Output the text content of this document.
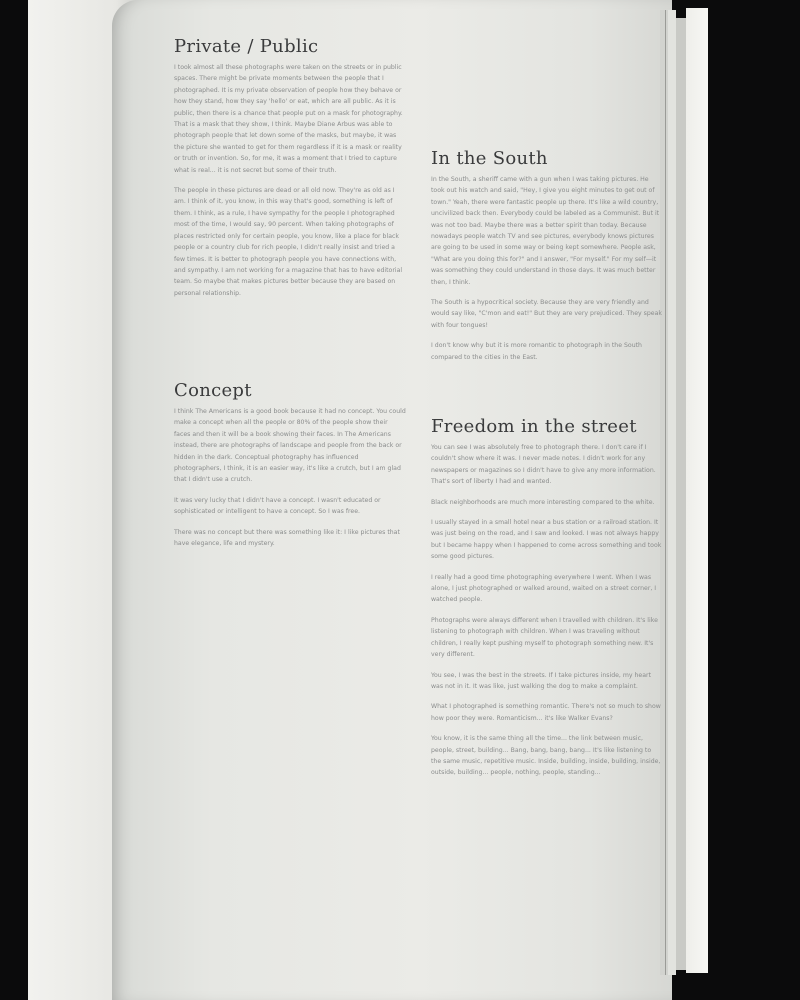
Private / Public

I took almost all these photographs were taken on the streets or in public spaces. There might be private moments between the people that I photographed. It is my private observation of people how they behave or how they stand, how they say 'hello' or eat, which are all public. As it is public, then there is a chance that people put on a mask for photography. That is a mask that they show, I think. Maybe Diane Arbus was able to photograph people that let down some of the masks, but maybe, it was the picture she wanted to get for them regardless if it is a mask or reality or truth or invention. So, for me, it was a moment that I tried to capture what is real... it is not secret but some of their truth.

The people in these pictures are dead or all old now. They're as old as I am. I think of it, you know, in this way that's good, something is left of them. I think, as a rule, I have sympathy for the people I photographed most of the time, I would say, 90 percent. When taking photographs of places restricted only for certain people, you know, like a place for black people or a country club for rich people, I didn't really insist and tried a few times. It is better to photograph people you have connections with, and sympathy. I am not working for a magazine that has to have editorial team. So maybe that makes pictures better because they are based on personal relationship.

Concept

I think The Americans is a good book because it had no concept. You could make a concept when all the people or 80% of the people show their faces and then it will be a book showing their faces. In The Americans instead, there are photographs of landscape and people from the back or hidden in the dark. Conceptual photography has influenced photographers, I think, it is an easier way, it's like a crutch, but I am glad that I didn't use a crutch.

It was very lucky that I didn't have a concept. I wasn't educated or sophisticated or intelligent to have a concept. So I was free.

There was no concept but there was something like it: I like pictures that have elegance, life and mystery.

In the South

In the South, a sheriff came with a gun when I was taking pictures. He took out his watch and said, "Hey, I give you eight minutes to get out of town." Yeah, there were fantastic people up there. It's like a wild country, uncivilized back then. Everybody could be labeled as a Communist. But it was not too bad. Maybe there was a better spirit than today. Because nowadays people watch TV and see pictures, everybody knows pictures are going to be used in some way or being kept somewhere. People ask, "What are you doing this for?" and I answer, "For myself." For my self—it was something they could understand in those days. It was much better then, I think.

The South is a hypocritical society. Because they are very friendly and would say like, "C'mon and eat!" But they are very prejudiced. They speak with four tongues!

I don't know why but it is more romantic to photograph in the South compared to the cities in the East.

Freedom in the street

You can see I was absolutely free to photograph there. I don't care if I couldn't show where it was. I never made notes. I didn't work for any newspapers or magazines so I didn't have to give any more information. That's sort of liberty I had and wanted.

Black neighborhoods are much more interesting compared to the white.

I usually stayed in a small hotel near a bus station or a railroad station. It was just being on the road, and I saw and looked. I was not always happy but I became happy when I happened to come across something and took some good pictures.

I really had a good time photographing everywhere I went. When I was alone, I just photographed or walked around, waited on a street corner, I watched people.

Photographs were always different when I travelled with children. It's like listening to photograph with children. When I was traveling without children, I really kept pushing myself to photograph something new. It's very different.

You see, I was the best in the streets. If I take pictures inside, my heart was not in it. It was like, just walking the dog to make a complaint.

What I photographed is something romantic. There's not so much to show how poor they were. Romanticism... it's like Walker Evans?

You know, it is the same thing all the time... the link between music, people, street, building... Bang, bang, bang, bang... It's like listening to the same music, repetitive music. Inside, building, inside, building, inside, outside, building... people, nothing, people, standing...
